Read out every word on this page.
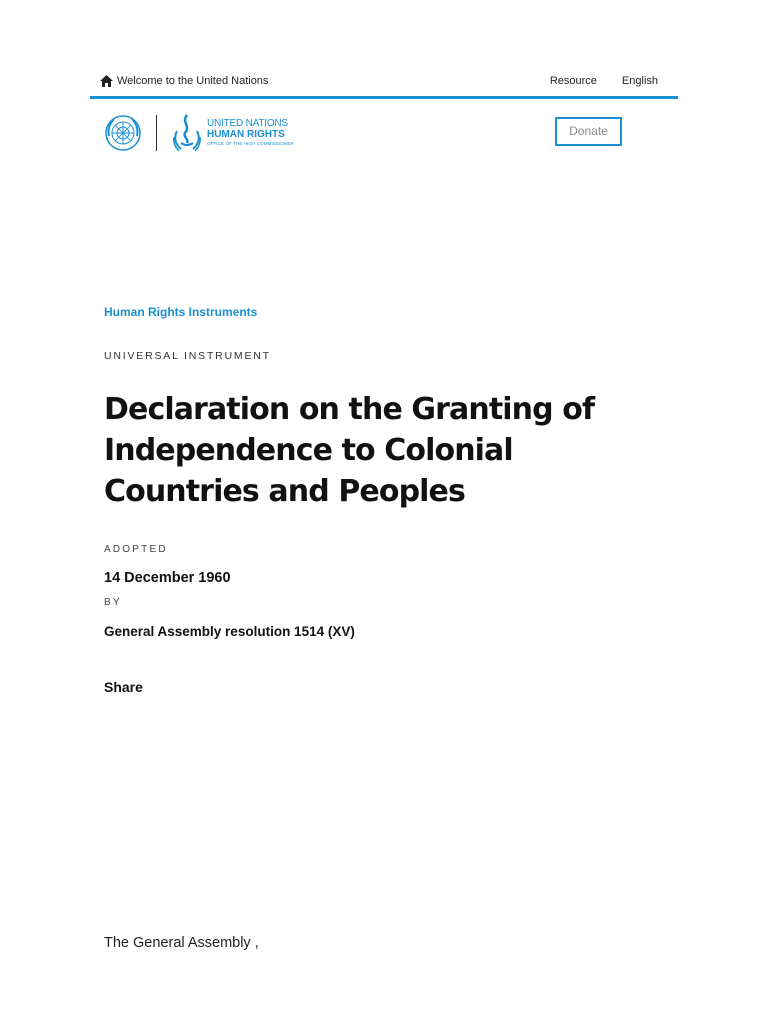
Welcome to the United Nations	Resource English
UNITED NATIONS
HUMAN RIGHTS
OFFICE OF THE HIGH COMMISSIONER
Donate
Human Rights Instruments
UNIVERSAL INSTRUMENT
Declaration on the Granting of Independence to Colonial Countries and Peoples
ADOPTED
14 December 1960
BY
General Assembly resolution 1514 (XV)
Share
The General Assembly ,
